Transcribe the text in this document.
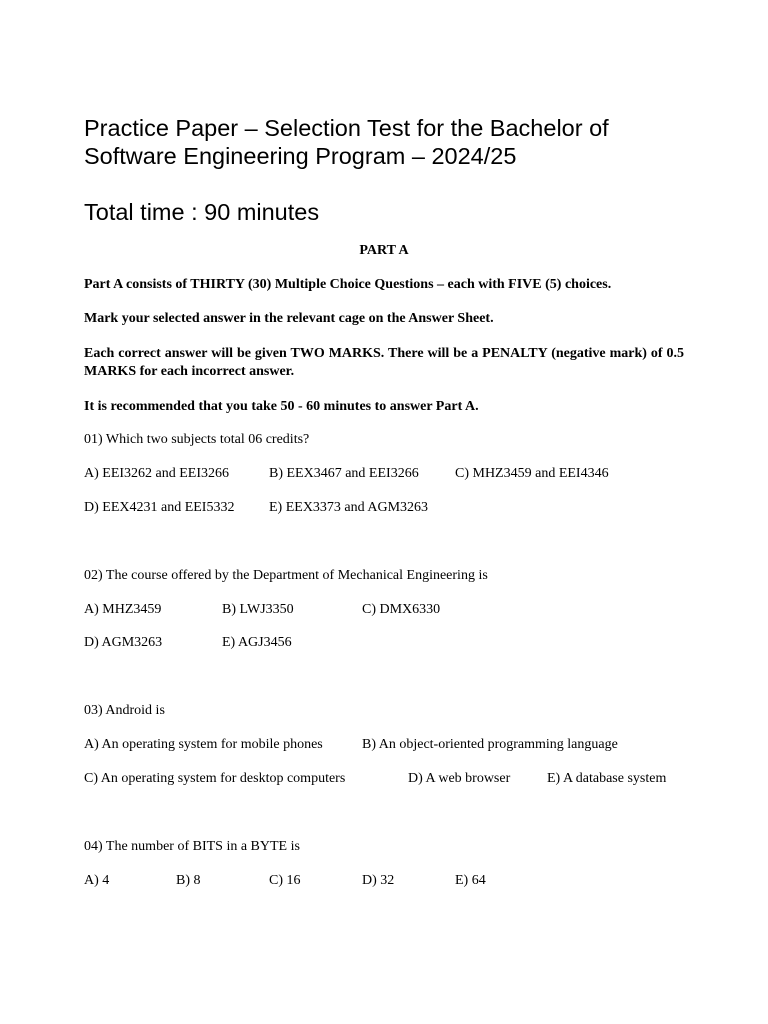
Practice Paper – Selection Test for the Bachelor of
Software Engineering Program – 2024/25
Total time : 90 minutes
PART A

Part A consists of THIRTY (30) Multiple Choice Questions – each with FIVE (5) choices.

Mark your selected answer in the relevant cage on the Answer Sheet.

Each correct answer will be given TWO MARKS. There will be a PENALTY (negative mark) of 0.5 MARKS for each incorrect answer.

It is recommended that you take 50 - 60 minutes to answer Part A.

01) Which two subjects total 06 credits?

A) EEI3262 and EEI3266	B) EEX3467 and EEI3266	C) MHZ3459 and EEI4346

D) EEX4231 and EEI5332 E) EEX3373 and AGM3263

02) The course offered by the Department of Mechanical Engineering is

A) MHZ3459	B) LWJ3350	C) DMX6330

D) AGM3263	E) AGJ3456

03) Android is

A) An operating system for mobile phones	B) An object-oriented programming language

C) An operating system for desktop computers	D) A web browser	E) A database system

04) The number of BITS in a BYTE is

A) 4	B) 8	C) 16	D) 32	E) 64
